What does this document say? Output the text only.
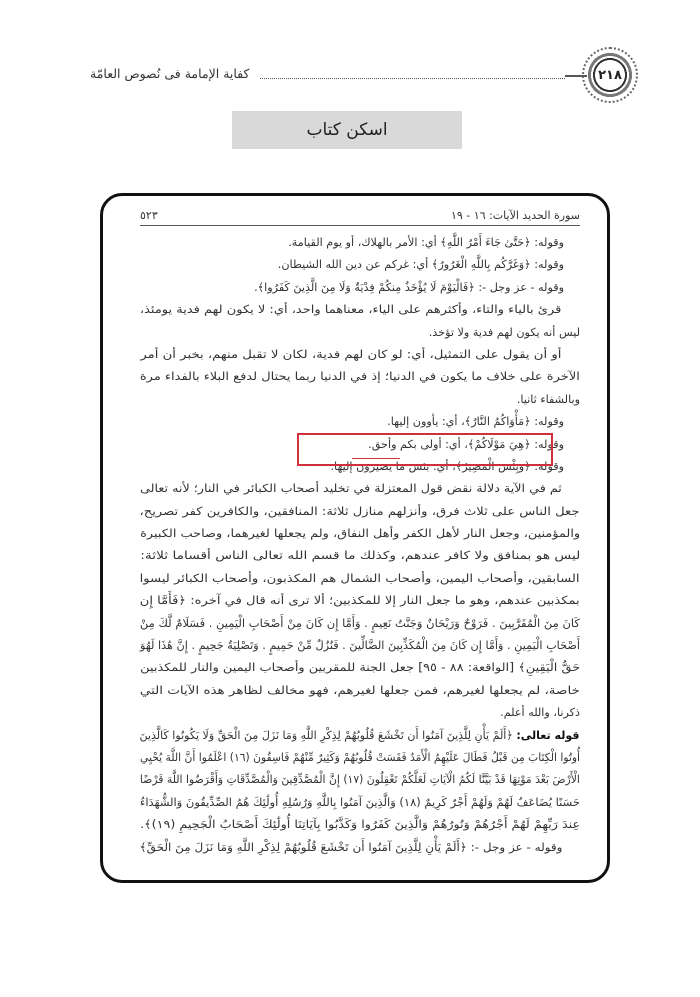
كفاية الإمامة فى نُصوص العامّة	٢١٨
اسكن كتاب
سورة الحديد الآيات: ١٦ - ١٩
٥٢٣
وقوله: ﴿حَتَّىٰ جَاءَ أَمْرُ اللَّهِ﴾ أي: الأمر بالهلاك، أو يوم القيامة.
وقوله: ﴿وَغَرَّكُم بِاللَّهِ الْغَرُورُ﴾ أي: غركم عن دين الله الشيطان.
وقوله - عز وجل -: ﴿فَالْيَوْمَ لَا يُؤْخَذُ مِنكُمْ فِدْيَةٌ وَلَا مِنَ الَّذِينَ كَفَرُوا﴾.
قرئ بالياء والتاء، وأكثرهم على الياء، معناهما واحد، أي: لا يكون لهم فدية يومئذ،
ليس أنه يكون لهم فدية ولا تؤخذ.
أو أن يقول على التمثيل، أي: لو كان لهم فدية، لكان لا تقبل منهم، بخبر أن أمر
الآخرة على خلاف ما يكون في الدنيا؛ إذ في الدنيا ربما يحتال لدفع البلاء بالفداء مرة
وبالشفاء ثانيا.
وقوله: ﴿مَأْوَاكُمُ النَّارُ﴾، أي: يأوون إليها.
وقوله: ﴿هِيَ مَوْلَاكُمْ﴾، أي: أولى بكم وأحق.
وقوله: ﴿وَبِئْسَ الْمَصِيرُ﴾، أي: بئس ما يصيرون إليها.
ثم في الآية دلالة نقض قول المعتزلة في تخليد أصحاب الكبائر في النار؛ لأنه تعالى
جعل الناس على ثلاث فرق، وأنزلهم منازل ثلاثة: المنافقين، والكافرين كفر تصريح،
والمؤمنين، وجعل النار لأهل الكفر وأهل النفاق، ولم يجعلها لغيرهما، وصاحب الكبيرة
ليس هو بمنافق ولا كافر عندهم، وكذلك ما قسم الله تعالى الناس أقساما ثلاثة:
السابقين، وأصحاب اليمين، وأصحاب الشمال هم المكذبون، وأصحاب الكبائر ليسوا
بمكذبين عندهم، وهو ما جعل النار إلا للمكذبين؛ ألا ترى أنه قال في آخره: ﴿فَأَمَّا إِن
كَانَ مِنَ الْمُقَرَّبِينَ . فَرَوْحٌ وَرَيْحَانٌ وَجَنَّتُ نَعِيمٍ . وَأَمَّا إِن كَانَ مِنْ أَصْحَابِ الْيَمِينِ . فَسَلَامٌ لَّكَ مِنْ
أَصْحَابِ الْيَمِينِ . وَأَمَّا إِن كَانَ مِنَ الْمُكَذِّبِينَ الضَّالِّينَ . فَنُزُلٌ مِّنْ حَمِيمٍ . وَتَصْلِيَةُ جَحِيمٍ . إِنَّ هَٰذَا لَهُوَ
حَقُّ الْيَقِينِ﴾ [الواقعة: ٨٨ - ٩٥] جعل الجنة للمقربين وأصحاب اليمين والنار للمكذبين
خاصة، لم يجعلها لغيرهم، فمن جعلها لغيرهم، فهو مخالف لظاهر هذه الآيات التي
ذكرنا، والله أعلم.
قوله تعالى: ﴿أَلَمْ يَأْنِ لِلَّذِينَ آمَنُوا أَن تَخْشَعَ قُلُوبُهُمْ لِذِكْرِ اللَّهِ وَمَا نَزَلَ مِنَ الْحَقِّ وَلَا يَكُونُوا كَالَّذِينَ
أُوتُوا الْكِتَابَ مِن قَبْلُ فَطَالَ عَلَيْهِمُ الْأَمَدُ فَقَسَتْ قُلُوبُهُمْ وَكَثِيرٌ مِّنْهُمْ فَاسِقُونَ (١٦) اعْلَمُوا أَنَّ اللَّهَ يُحْيِي
الْأَرْضَ بَعْدَ مَوْتِهَا قَدْ بَيَّنَّا لَكُمُ الْآيَاتِ لَعَلَّكُمْ تَعْقِلُونَ (١٧) إِنَّ الْمُصَّدِّقِينَ وَالْمُصَّدِّقَاتِ وَأَقْرَضُوا اللَّهَ قَرْضًا
حَسَنًا يُضَاعَفُ لَهُمْ وَلَهُمْ أَجْرٌ كَرِيمٌ (١٨) وَالَّذِينَ آمَنُوا بِاللَّهِ وَرُسُلِهِ أُولَٰئِكَ هُمُ الصِّدِّيقُونَ وَالشُّهَدَاءُ
عِندَ رَبِّهِمْ لَهُمْ أَجْرُهُمْ وَنُورُهُمْ وَالَّذِينَ كَفَرُوا وَكَذَّبُوا بِآيَاتِنَا أُولَٰئِكَ أَصْحَابُ الْجَحِيمِ (١٩)﴾.
وقوله - عز وجل -: ﴿أَلَمْ يَأْنِ لِلَّذِينَ آمَنُوا أَن تَخْشَعَ قُلُوبُهُمْ لِذِكْرِ اللَّهِ وَمَا نَزَلَ مِنَ الْحَقِّ﴾
